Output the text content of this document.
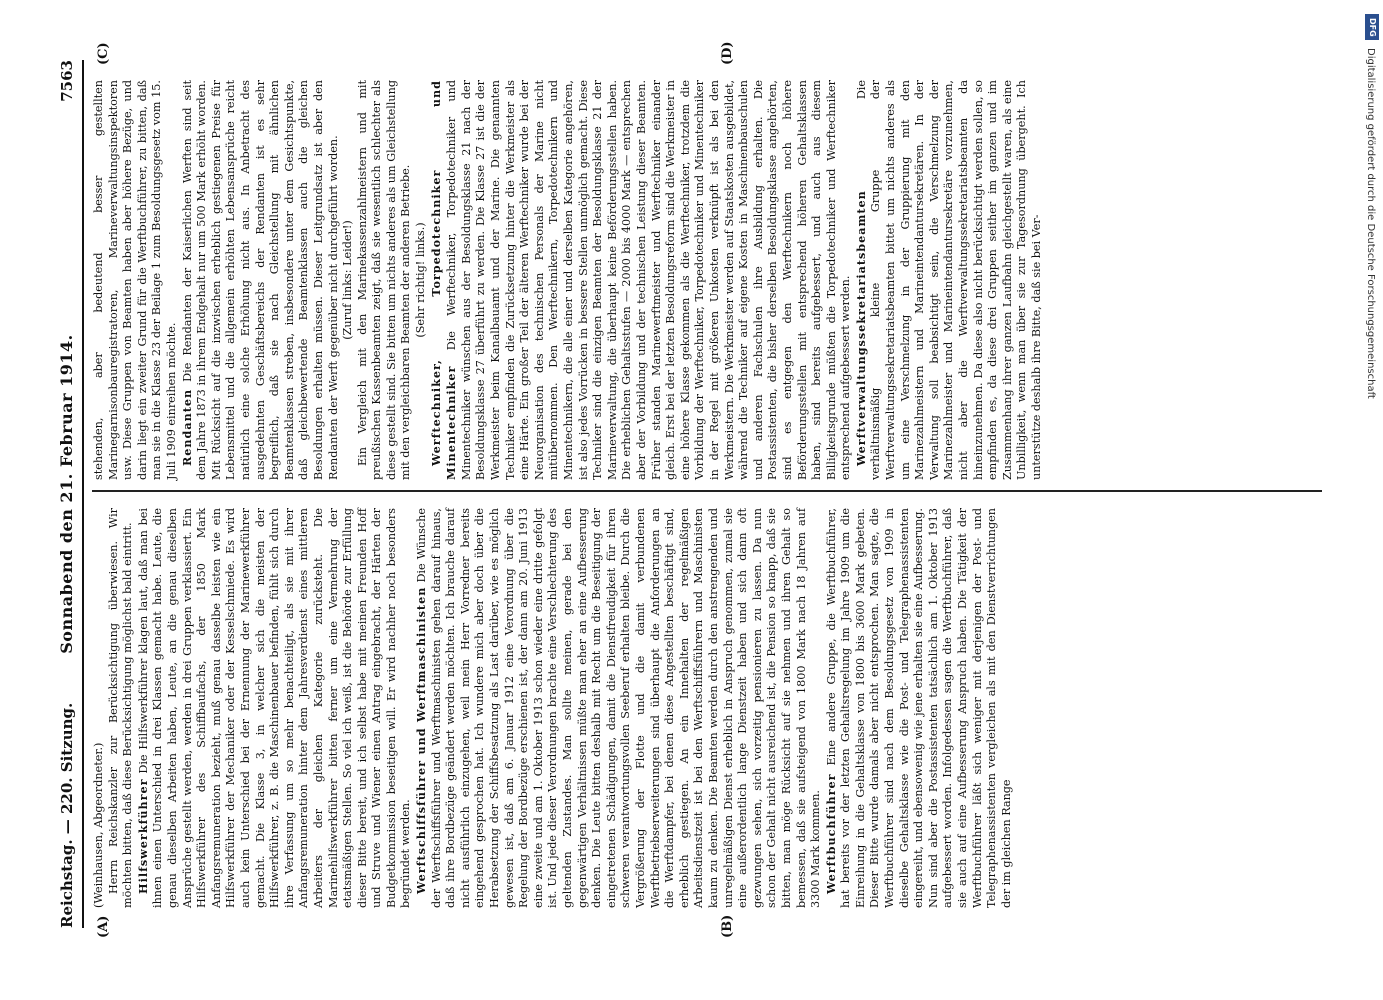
Reichstag. — 220. Sitzung.
Sonnabend den 21. Februar 1914.
7563
(A)	(B)
(C)	(D)

(Weinhausen, Abgeordneter.) Herrn Reichskanzler zur Berücksichtigung überwiesen. Wir möchten bitten, daß diese Berücksichtigung möglichst bald eintritt. Hilfswerkführer Die Hilfswerkführer klagen laut, daß man bei ihnen einen Unterschied in drei Klassen gemacht habe. Leute, die genau dieselben Arbeiten haben, Leute, an die genau dieselben Ansprüche gestellt werden, werden in drei Gruppen verklassiert. Ein Hilfswerkführer des Schiffbaufachs, der 1850 Mark Anfangsremuneration bezieht, muß genau dasselbe leisten wie ein Hilfswerkführer der Mechaniker oder der Kesselschmiede. Es wird auch kein Unterschied bei der Ernennung der Marinewerkführer gemacht. Die Klasse 3, in welcher sich die meisten der Hilfswerkführer, z. B. die Maschinenbauer befinden, fühlt sich durch ihre Verfassung um so mehr benachteiligt, als sie mit ihrer Anfangsremuneration hinter dem Jahresverdienst eines mittleren Arbeiters der gleichen Kategorie zurücksteht. Die Marinehilfswerkführer bitten ferner um eine Vermehrung der etatsmäßigen Stellen. So viel ich weiß, ist die Behörde zur Erfüllung dieser Bitte bereit, und ich selbst habe mit meinen Freunden Hoff und Struve und Wiener einen Antrag eingebracht, der Härten der Budgetkommission beseitigen will. Er wird nachher noch besonders begründet werden. Werftschiffsführer und Werftmaschinisten Die Wünsche der Werftschiffsführer und Werftmaschinisten gehen darauf hinaus, daß ihre Bordbezüge geändert werden möchten. Ich brauche darauf nicht ausführlich einzugehen, weil mein Herr Vorredner bereits eingehend gesprochen hat. Ich wundere mich aber doch über die Herabsetzung der Schiffsbesatzung als Last darüber, wie es möglich gewesen ist, daß am 6. Januar 1912 eine Verordnung über die Regelung der Bordbezüge erschienen ist, der dann am 20. Juni 1913 eine zweite und am 1. Oktober 1913 schon wieder eine dritte gefolgt ist. Und jede dieser Verordnungen brachte eine Verschlechterung des geltenden Zustandes. Man sollte meinen, gerade bei den gegenwärtigen Verhältnissen müßte man eher an eine Aufbesserung denken. Die Leute bitten deshalb mit Recht um die Beseitigung der eingetretenen Schädigungen, damit die Dienstfreudigkeit für ihren schweren verantwortungsvollen Seeberuf erhalten bleibe. Durch die Vergrößerung der Flotte und die damit verbundenen Werftbetriebserweiterungen sind überhaupt die Anforderungen an die Werftdampfer, bei denen diese Angestellten beschäftigt sind, erheblich gestiegen. An ein Innehalten der regelmäßigen Arbeitsdienstzeit ist bei den Werftschiffsführern und Maschinisten kaum zu denken. Die Beamten werden durch den anstrengenden und unregelmäßigen Dienst erheblich in Anspruch genommen, zumal sie eine außerordentlich lange Dienstzeit haben und sich dann oft gezwungen sehen, sich vorzeitig pensionieren zu lassen. Da nun schon der Gehalt nicht ausreichend ist, die Pension so knapp, daß sie bitten, man möge Rücksicht auf sie nehmen und ihren Gehalt so bemessen, daß sie aufsteigend von 1800 Mark nach 18 Jahren auf 3300 Mark kommen. Werftbuchführer Eine andere Gruppe, die Werftbuchführer, hat bereits vor der letzten Gehaltsregelung im Jahre 1909 um die Einreihung in die Gehaltsklasse von 1800 bis 3600 Mark gebeten. Dieser Bitte wurde damals aber nicht entsprochen. Man sagte, die Werftbuchführer sind nach dem Besoldungsgesetz von 1909 in dieselbe Gehaltsklasse wie die Post- und Telegraphenassistenten eingereiht, und ebensowenig wie jene erhalten sie eine Aufbesserung. Nun sind aber die Postassistenten tatsächlich am 1. Oktober 1913 aufgebessert worden. Infolgedessen sagen die Werftbuchführer, daß sie auch auf eine Aufbesserung Anspruch haben. Die Tätigkeit der Werftbuchführer läßt sich weniger mit derjenigen der Post- und Telegraphenassistenten vergleichen als mit den Dienstverrichtungen der im gleichen Range

stehenden, aber bedeutend besser gestellten Marinegarnisonbauregistratoren, Marineverwaltungsinspektoren usw. Diese Gruppen von Beamten haben aber höhere Bezüge, und darin liegt ein zweiter Grund für die Werftbuchführer, zu bitten, daß man sie in die Klasse 23 der Beilage 1 zum Besoldungsgesetz vom 15. Juli 1909 einreihen möchte. Rendanten Die Rendanten der Kaiserlichen Werften sind seit dem Jahre 1873 in ihrem Endgehalt nur um 500 Mark erhöht worden. Mit Rücksicht auf die inzwischen erheblich gestiegenen Preise für Lebensmittel und die allgemein erhöhten Lebensansprüche reicht natürlich eine solche Erhöhung nicht aus. In Anbetracht des ausgedehnten Geschäftsbereichs der Rendanten ist es sehr begreiflich, daß sie nach Gleichstellung mit ähnlichen Beamtenklassen streben, insbesondere unter dem Gesichtspunkte, daß gleichbewertende Beamtenklassen auch die gleichen Besoldungen erhalten müssen. Dieser Leitgrundsatz ist aber den Rendanten der Werft gegenüber nicht durchgeführt worden. (Zuruf links: Leider!) Ein Vergleich mit den Marinekassenzahlmeistern und mit preußischen Kassenbeamten zeigt, daß sie wesentlich schlechter als diese gestellt sind. Sie bitten um nichts anderes als um Gleichstellung mit den vergleichbaren Beamten der anderen Betriebe. (Sehr richtig! links.) Werftechniker, Torpedotechniker und Minentechniker Die Werftechniker, Torpedotechniker und Minentechniker wünschen aus der Besoldungsklasse 21 nach der Besoldungsklasse 27 überführt zu werden. Die Klasse 27 ist die der Werkmeister beim Kanalbauamt und der Marine. Die genannten Techniker empfinden die Zurücksetzung hinter die Werkmeister als eine Härte. Ein großer Teil der älteren Werftechniker wurde bei der Neuorganisation des technischen Personals der Marine nicht mitübernommen. Den Werftechnikern, Torpedotechnikern und Minentechnikern, die alle einer und derselben Kategorie angehören, ist also jedes Vorrücken in bessere Stellen unmöglich gemacht. Diese Techniker sind die einzigen Beamten der Besoldungsklasse 21 der Marineverwaltung, die überhaupt keine Beförderungsstellen haben. Die erheblichen Gehaltsstufen — 2000 bis 4000 Mark — entsprechen aber der Vorbildung und der technischen Leistung dieser Beamten. Früher standen Marinewerftmeister und Werftechniker einander gleich. Erst bei der letzten Besoldungsreform sind die Werkmeister in eine höhere Klasse gekommen als die Werftechniker, trotzdem die Vorbildung der Werftechniker, Torpedotechniker und Minentechniker in der Regel mit größeren Unkosten verknüpft ist als bei den Werkmeistern. Die Werkmeister werden auf Staatskosten ausgebildet, während die Techniker auf eigene Kosten in Maschinenbauschulen und anderen Fachschulen ihre Ausbildung erhalten. Die Postassistenten, die bisher derselben Besoldungsklasse angehörten, sind es entgegen den Werftechnikern noch höhere Beförderungsstellen mit entsprechend höheren Gehaltsklassen haben, sind bereits aufgebessert, und auch aus diesem Billigkeitsgrunde müßten die Torpedotechniker und Werftechniker entsprechend aufgebessert werden. Werftverwaltungssekretariatsbeamten Die verhältnismäßig kleine Gruppe der Werftverwaltungssekretariatsbeamten bittet um nichts anderes als um eine Verschmelzung in der Gruppierung mit den Marinezahlmeistern und Marineintendantursekretären. In der Verwaltung soll beabsichtigt sein, die Verschmelzung der Marinezahlmeister und Marineintendantursekretäre vorzunehmen, nicht aber die Werftverwaltungssekretariatsbeamten da hineinzunehmen. Da diese also nicht berücksichtigt werden sollen, so empfinden es, da diese drei Gruppen seither im ganzen und im Zusammenhang ihrer ganzen Laufbahn gleichgestellt waren, als eine Unbilligkeit, wenn man über sie zur Tagesordnung übergeht. Ich unterstütze deshalb ihre Bitte, daß sie bei Ver-

DFG
Digitalisierung gefördert durch die Deutsche Forschungsgemeinschaft
